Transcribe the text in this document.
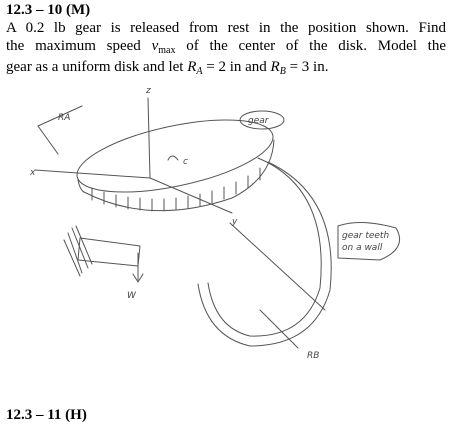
12.3 – 10 (M)
A 0.2 lb gear is released from rest in the position shown. Find
the maximum speed $v_{max}$ of the center of the disk. Model the
gear as a uniform disk and let $R_A = 2$ in and $R_B = 3$ in.
z
x
y
c
RA
RB
W
gear
gear teeth
on a wall
12.3 – 11 (H)
